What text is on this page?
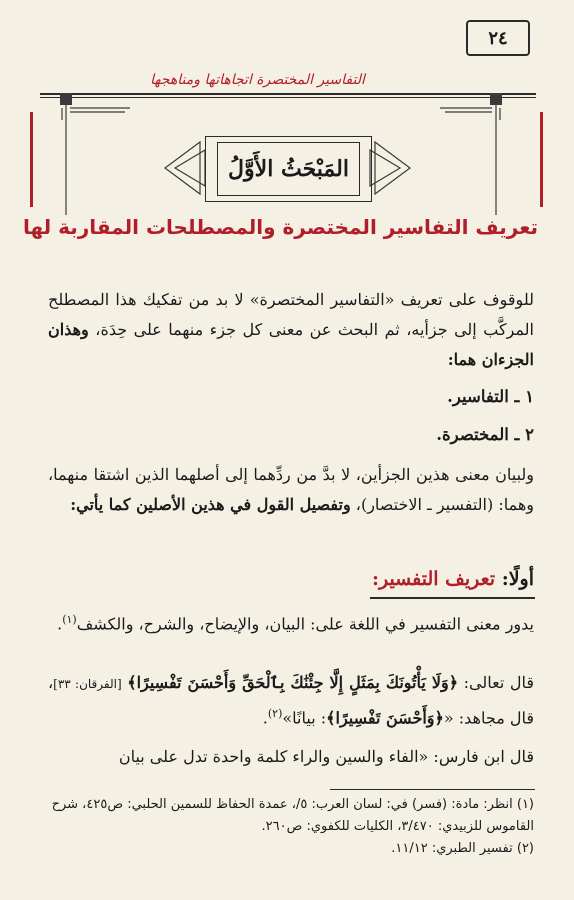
التفاسير المختصرة اتجاهاتها ومناهجها
٢٤
المَبْحَثُ الأَوَّلُ
تعريف التفاسير المختصرة والمصطلحات المقاربة لها

للوقوف على تعريف «التفاسير المختصرة» لا بد من تفكيك هذا المصطلح المركَّب إلى جزأيه، ثم البحث عن معنى كل جزء منهما على حِدَة، وهذان الجزءان هما:

١ ـ التفاسير.
٢ ـ المختصرة.

ولبيان معنى هذين الجزأين، لا بدَّ من ردِّهما إلى أصلهما الذين اشتقا منهما، وهما: (التفسير ـ الاختصار)، وتفصيل القول في هذين الأصلين كما يأتي:

أولًا: تعريف التفسير:

يدور معنى التفسير في اللغة على: البيان، والإيضاح، والشرح، والكشف$^{(١)}$.

قال تعالى: ﴿وَلَا يَأْتُونَكَ بِمَثَلٍ إِلَّا جِئْنَٰكَ بِٱلْحَقِّ وَأَحْسَنَ تَفْسِيرًا﴾ [الفرقان: ٣٣]، قال مجاهد: «﴿وَأَحْسَنَ تَفْسِيرًا﴾: بيانًا»$^{(٢)}$.

قال ابن فارس: «الفاء والسين والراء كلمة واحدة تدل على بيان

(١) انظر: مادة: (فسر) في: لسان العرب: ٥/، عمدة الحفاظ للسمين الحلبي: ص٤٢٥، شرح القاموس للزبيدي: ٣/٤٧٠، الكليات للكفوي: ص٢٦٠.

(٢) تفسير الطبري: ١١/١٢.
